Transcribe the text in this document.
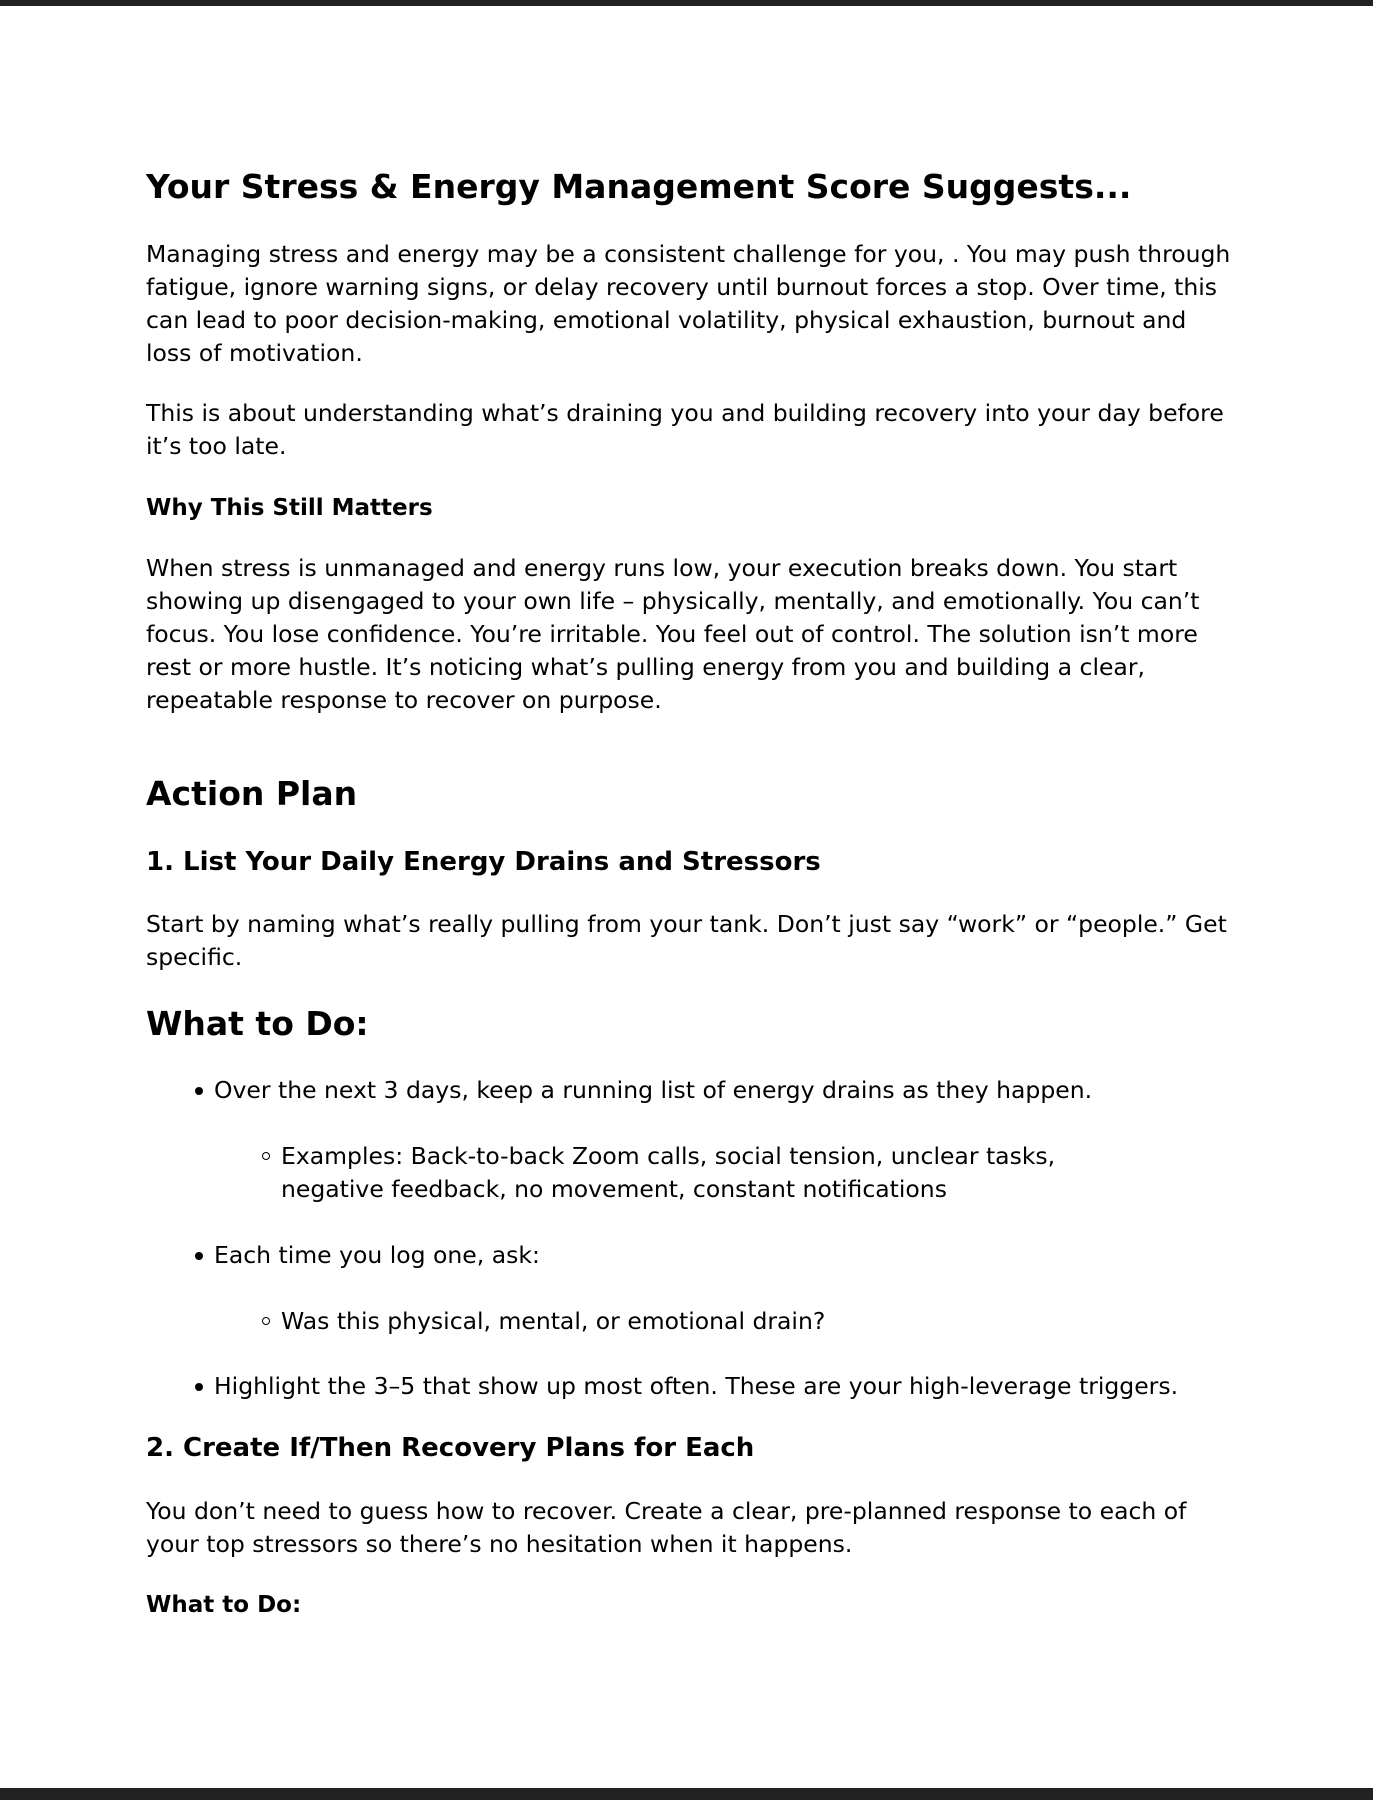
Your Stress & Energy Management Score Suggests...

Managing stress and energy may be a consistent challenge for you, . You may push through fatigue, ignore warning signs, or delay recovery until burnout forces a stop. Over time, this can lead to poor decision-making, emotional volatility, physical exhaustion, burnout and loss of motivation.

This is about understanding what’s draining you and building recovery into your day before it’s too late.

Why This Still Matters

When stress is unmanaged and energy runs low, your execution breaks down. You start showing up disengaged to your own life – physically, mentally, and emotionally. You can’t focus. You lose confidence. You’re irritable. You feel out of control. The solution isn’t more rest or more hustle. It’s noticing what’s pulling energy from you and building a clear, repeatable response to recover on purpose.

Action Plan
1. List Your Daily Energy Drains and Stressors

Start by naming what’s really pulling from your tank. Don’t just say “work” or “people.” Get specific.

What to Do:
Over the next 3 days, keep a running list of energy drains as they happen.
Examples: Back-to-back Zoom calls, social tension, unclear tasks, negative feedback, no movement, constant notifications
Each time you log one, ask:
Was this physical, mental, or emotional drain?
Highlight the 3–5 that show up most often. These are your high-leverage triggers.
2. Create If/Then Recovery Plans for Each

You don’t need to guess how to recover. Create a clear, pre-planned response to each of your top stressors so there’s no hesitation when it happens.

What to Do:
